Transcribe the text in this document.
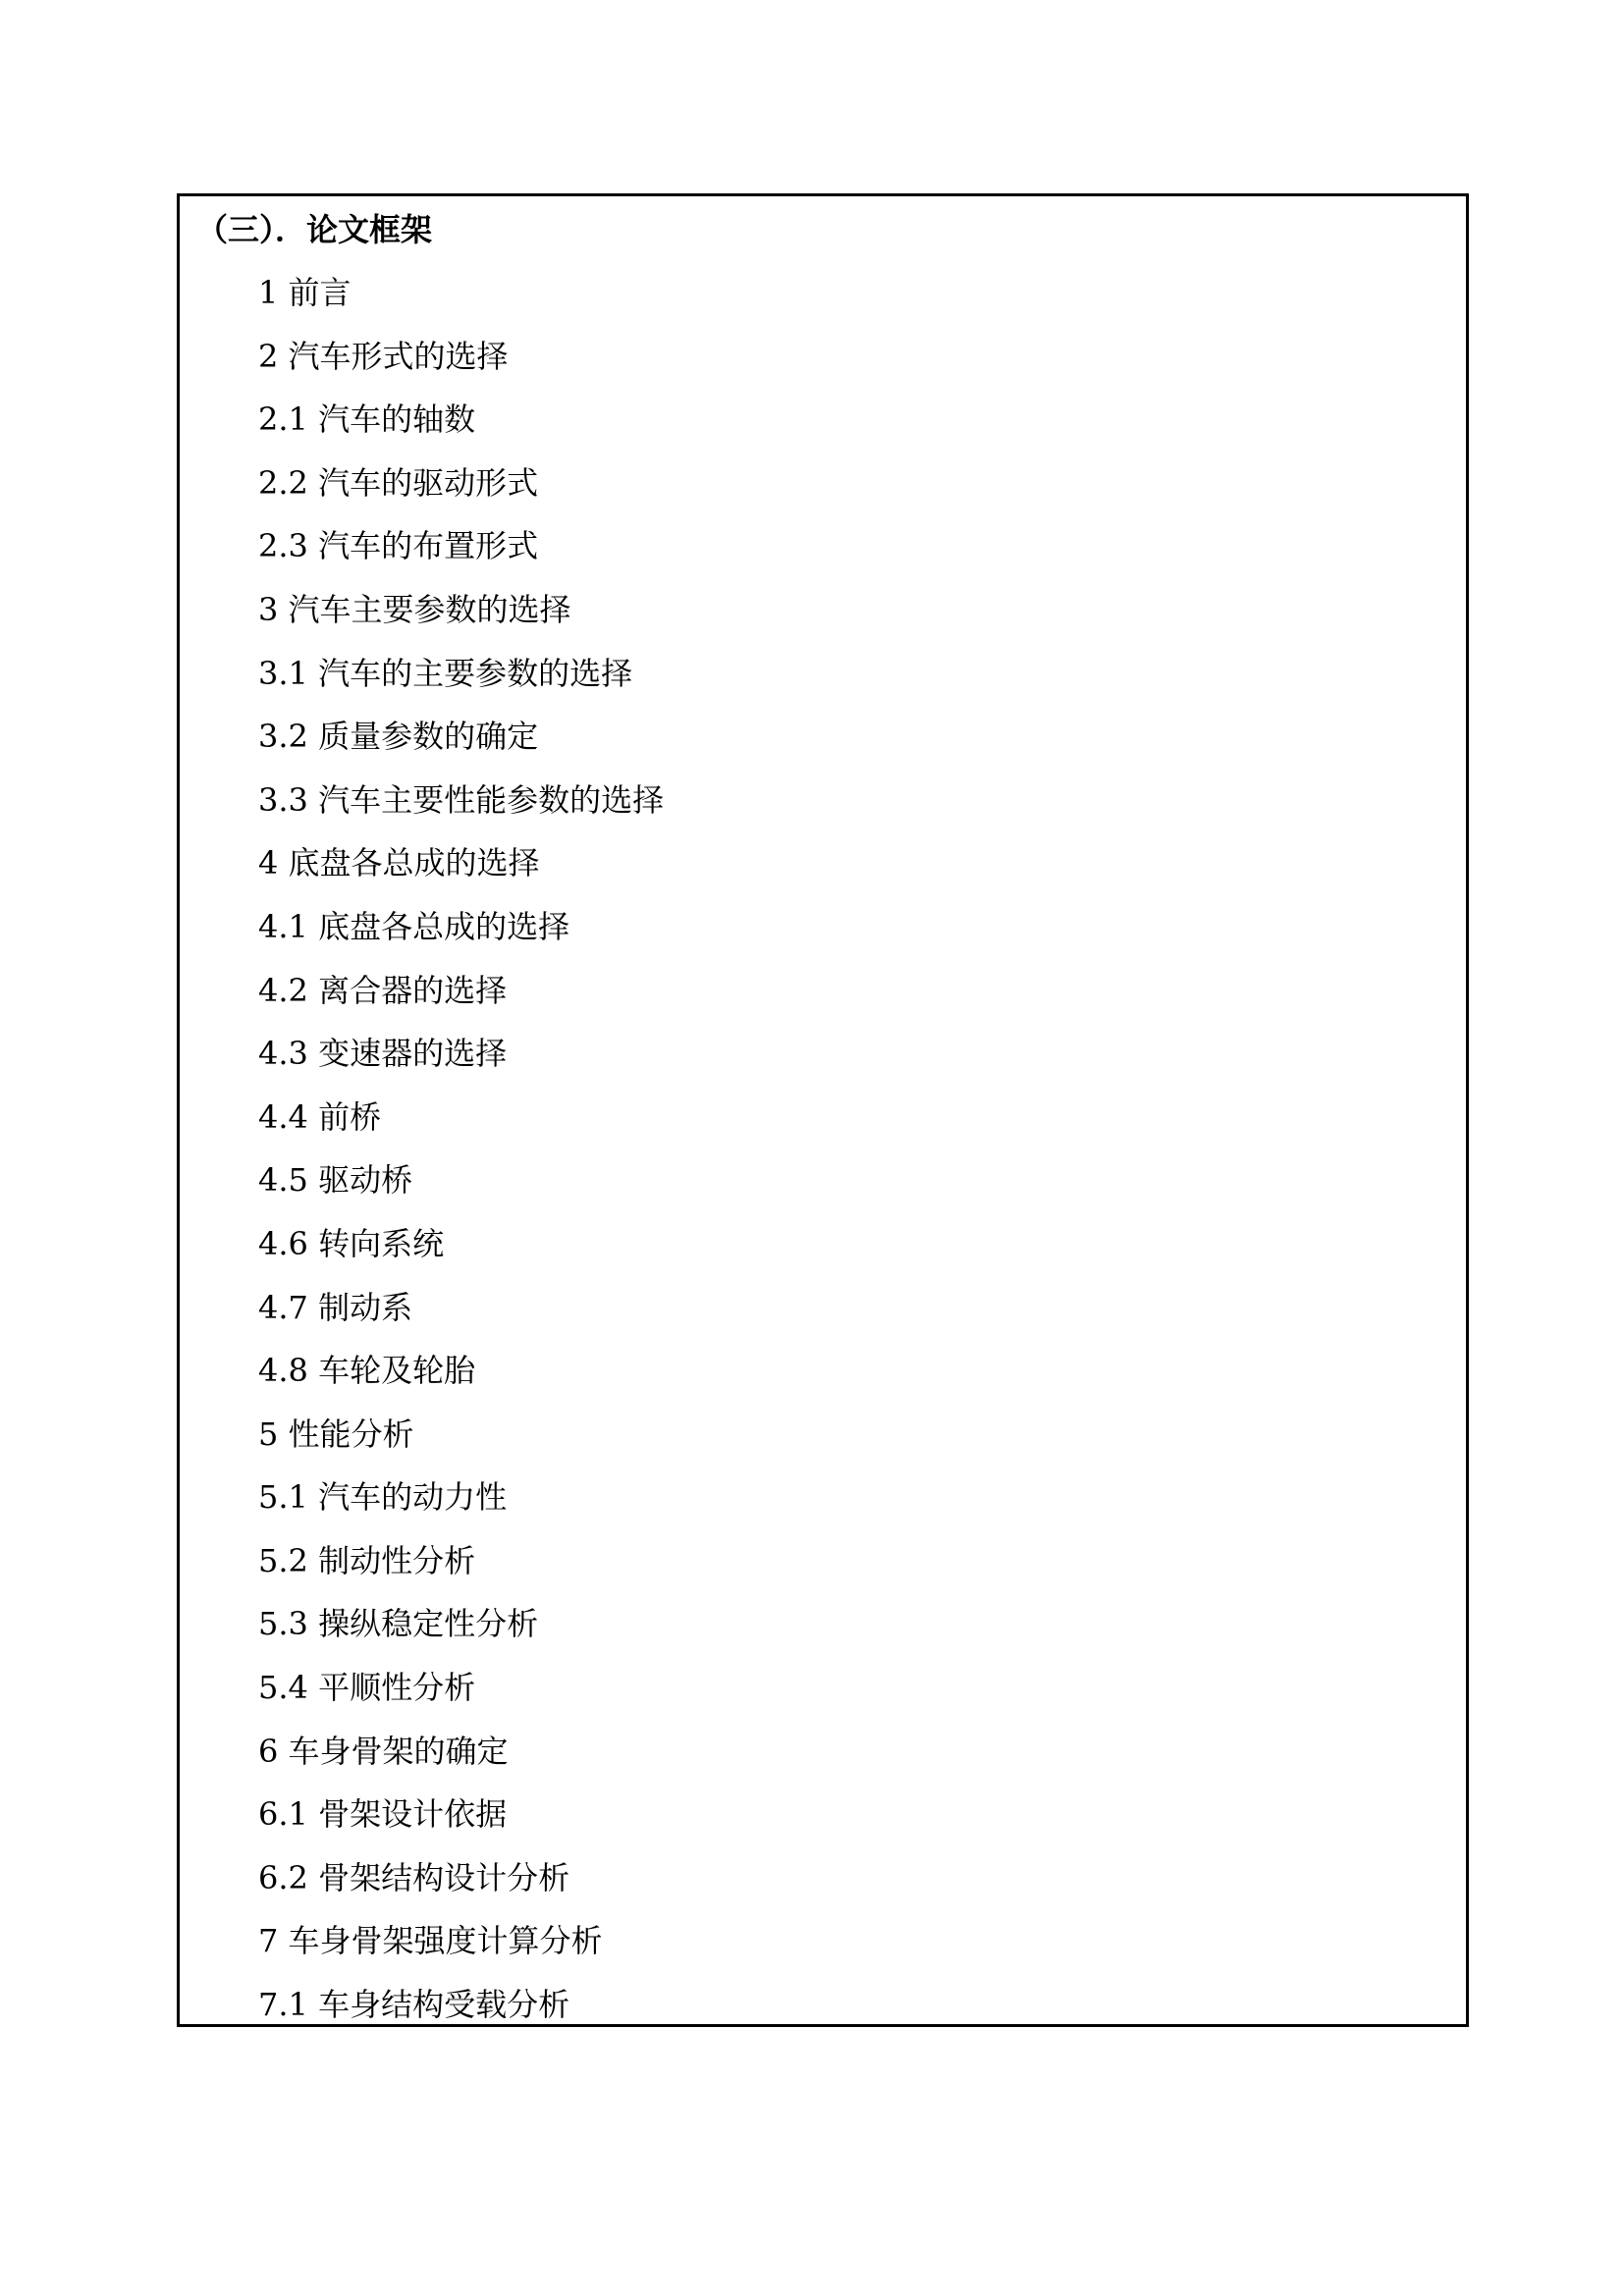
（三）．论文框架
1 前言
2 汽车形式的选择
2.1 汽车的轴数
2.2 汽车的驱动形式
2.3 汽车的布置形式
3 汽车主要参数的选择
3.1 汽车的主要参数的选择
3.2 质量参数的确定
3.3 汽车主要性能参数的选择
4 底盘各总成的选择
4.1 底盘各总成的选择
4.2 离合器的选择
4.3 变速器的选择
4.4 前桥
4.5 驱动桥
4.6 转向系统
4.7 制动系
4.8 车轮及轮胎
5 性能分析
5.1 汽车的动力性
5.2 制动性分析
5.3 操纵稳定性分析
5.4 平顺性分析
6 车身骨架的确定
6.1 骨架设计依据
6.2 骨架结构设计分析
7 车身骨架强度计算分析
7.1 车身结构受载分析
